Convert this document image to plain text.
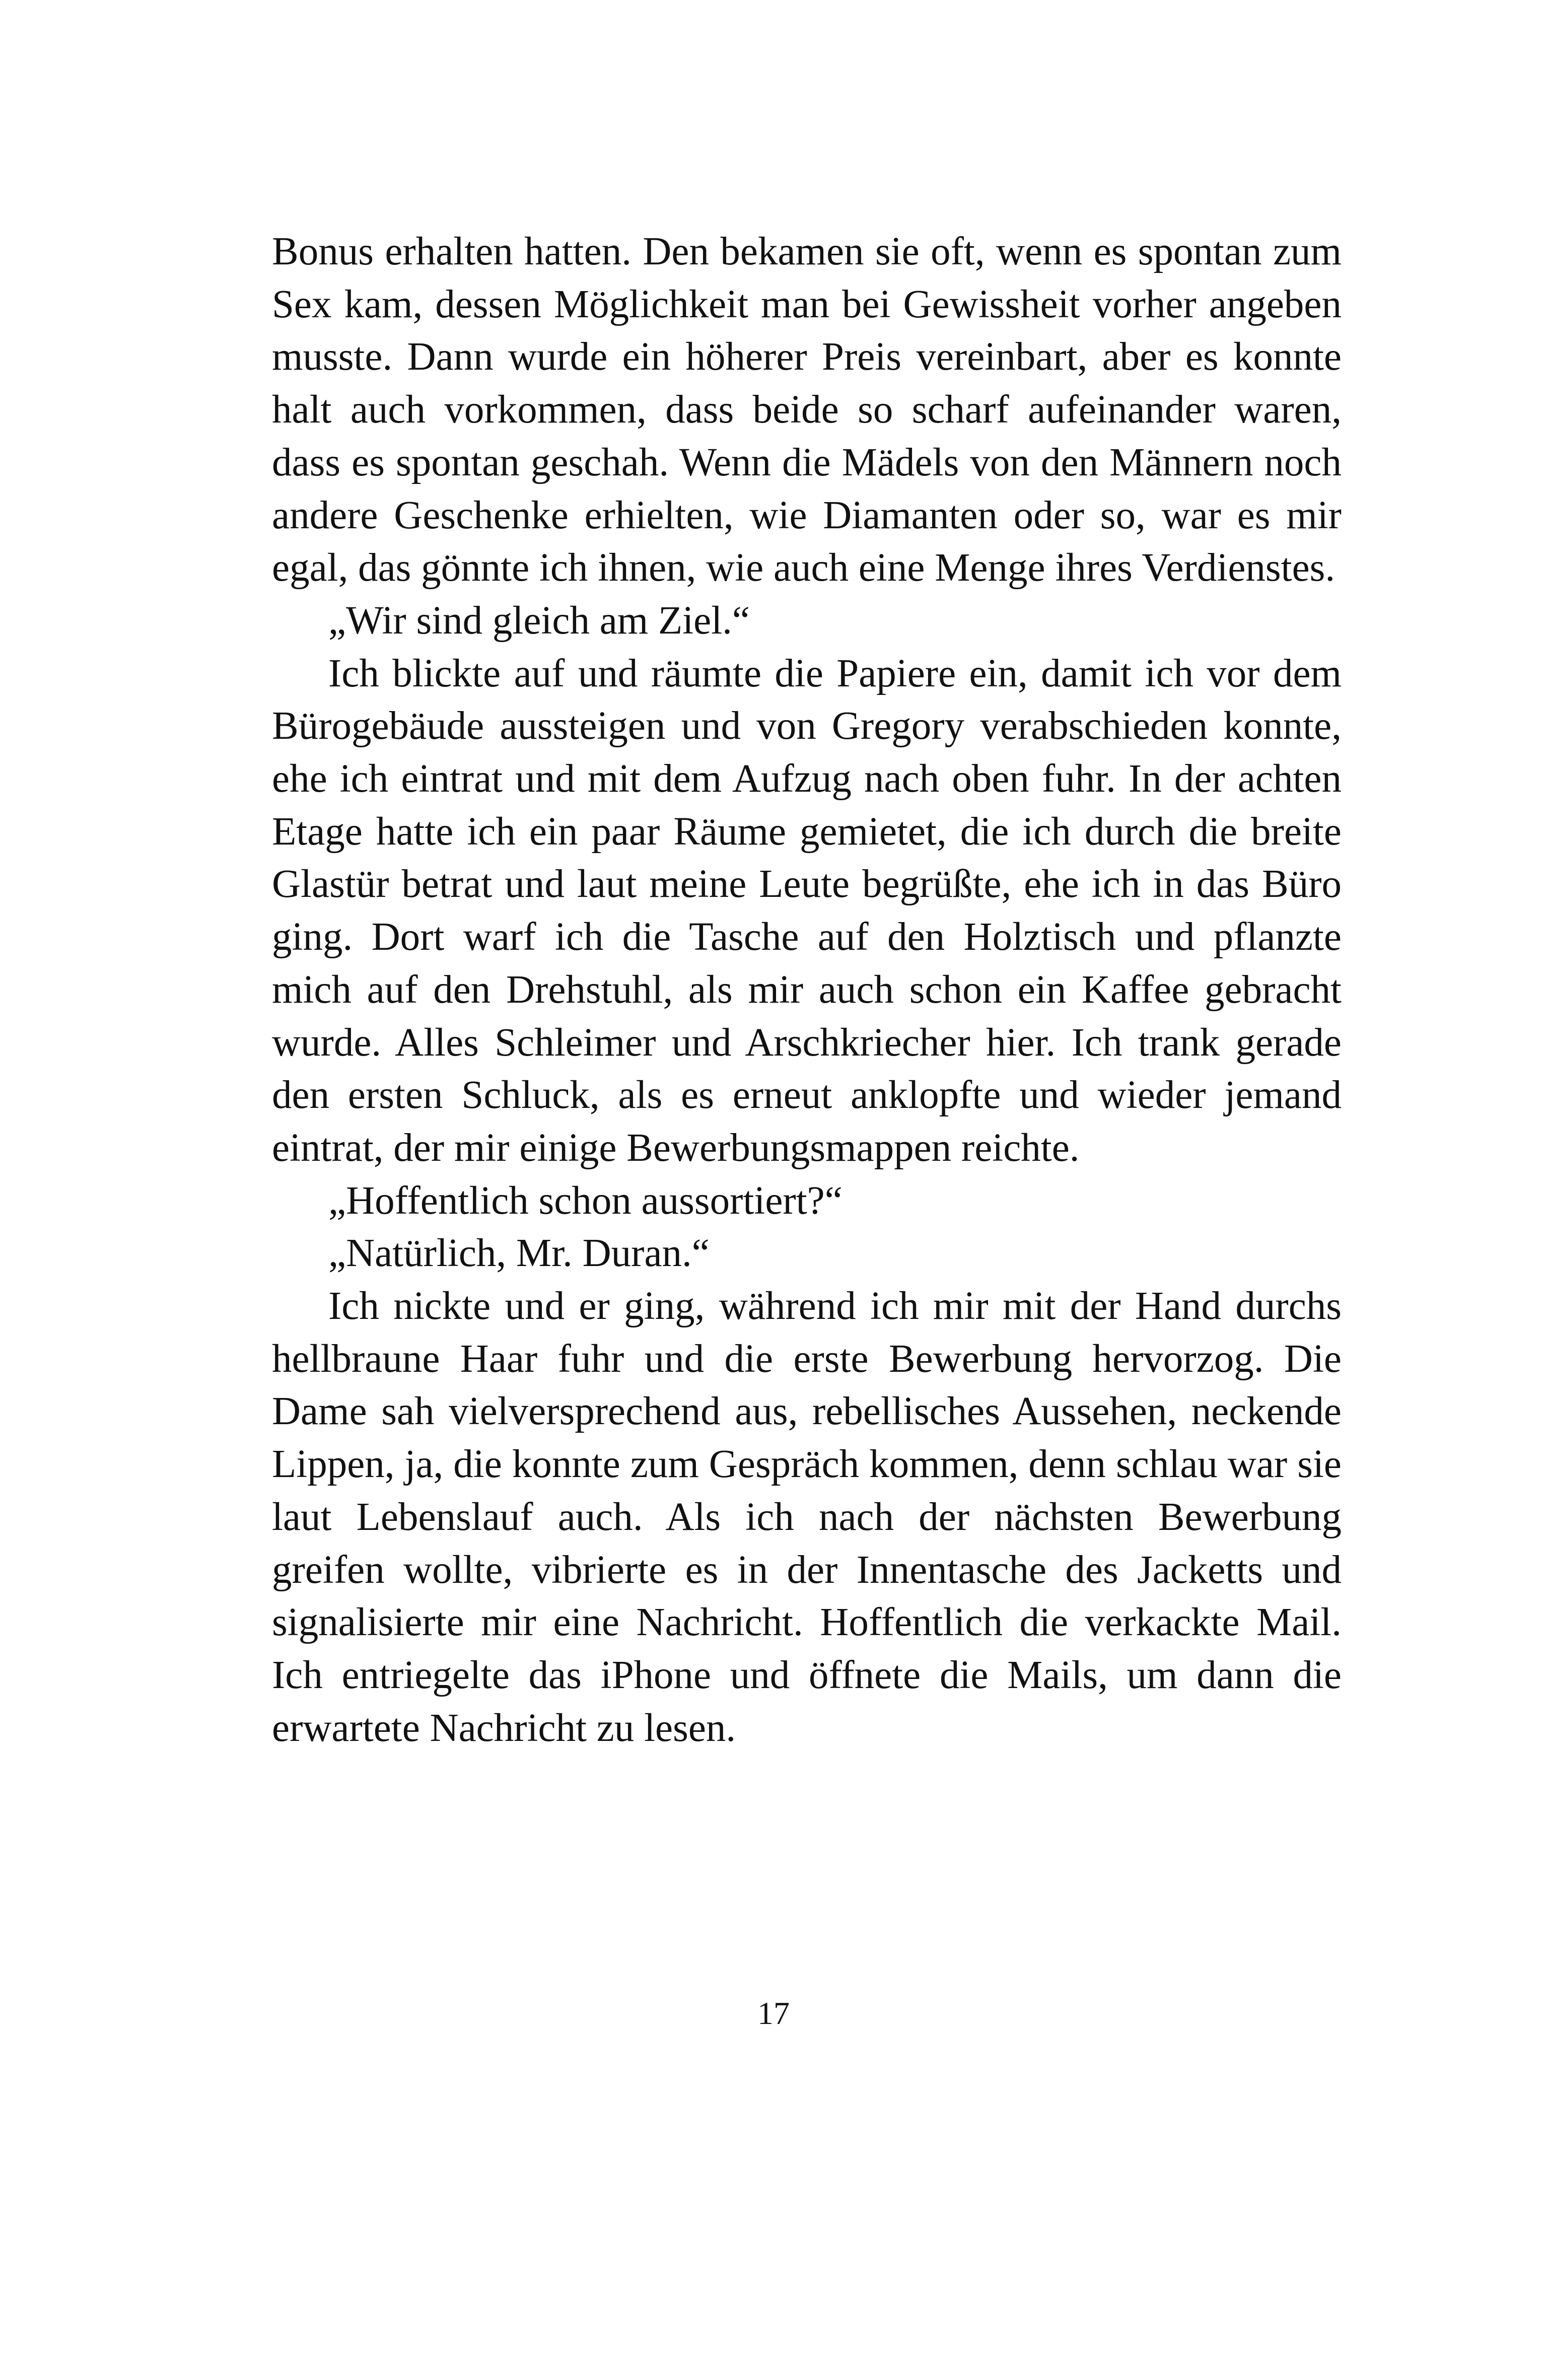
Bonus erhalten hatten. Den bekamen sie oft, wenn es spontan zum Sex kam, dessen Möglichkeit man bei Gewissheit vorher angeben musste. Dann wurde ein höherer Preis vereinbart, aber es konnte halt auch vorkommen, dass beide so scharf aufeinander waren, dass es spontan geschah. Wenn die Mädels von den Männern noch andere Geschenke erhielten, wie Diamanten oder so, war es mir egal, das gönnte ich ihnen, wie auch eine Menge ihres Verdienstes.

„Wir sind gleich am Ziel.“

Ich blickte auf und räumte die Papiere ein, damit ich vor dem Bürogebäude aussteigen und von Gregory verabschieden konnte, ehe ich eintrat und mit dem Aufzug nach oben fuhr. In der achten Etage hatte ich ein paar Räume gemietet, die ich durch die breite Glastür betrat und laut meine Leute begrüßte, ehe ich in das Büro ging. Dort warf ich die Tasche auf den Holztisch und pflanzte mich auf den Drehstuhl, als mir auch schon ein Kaffee gebracht wurde. Alles Schleimer und Arschkriecher hier. Ich trank gerade den ersten Schluck, als es erneut anklopfte und wieder jemand eintrat, der mir einige Bewerbungsmappen reichte.

„Hoffentlich schon aussortiert?“

„Natürlich, Mr. Duran.“

Ich nickte und er ging, während ich mir mit der Hand durchs hellbraune Haar fuhr und die erste Bewerbung hervorzog. Die Dame sah vielversprechend aus, rebellisches Aussehen, neckende Lippen, ja, die konnte zum Gespräch kommen, denn schlau war sie laut Lebenslauf auch. Als ich nach der nächsten Bewerbung greifen wollte, vibrierte es in der Innentasche des Jacketts und signalisierte mir eine Nachricht. Hoffentlich die verkackte Mail. Ich entriegelte das iPhone und öffnete die Mails, um dann die erwartete Nachricht zu lesen.

17
